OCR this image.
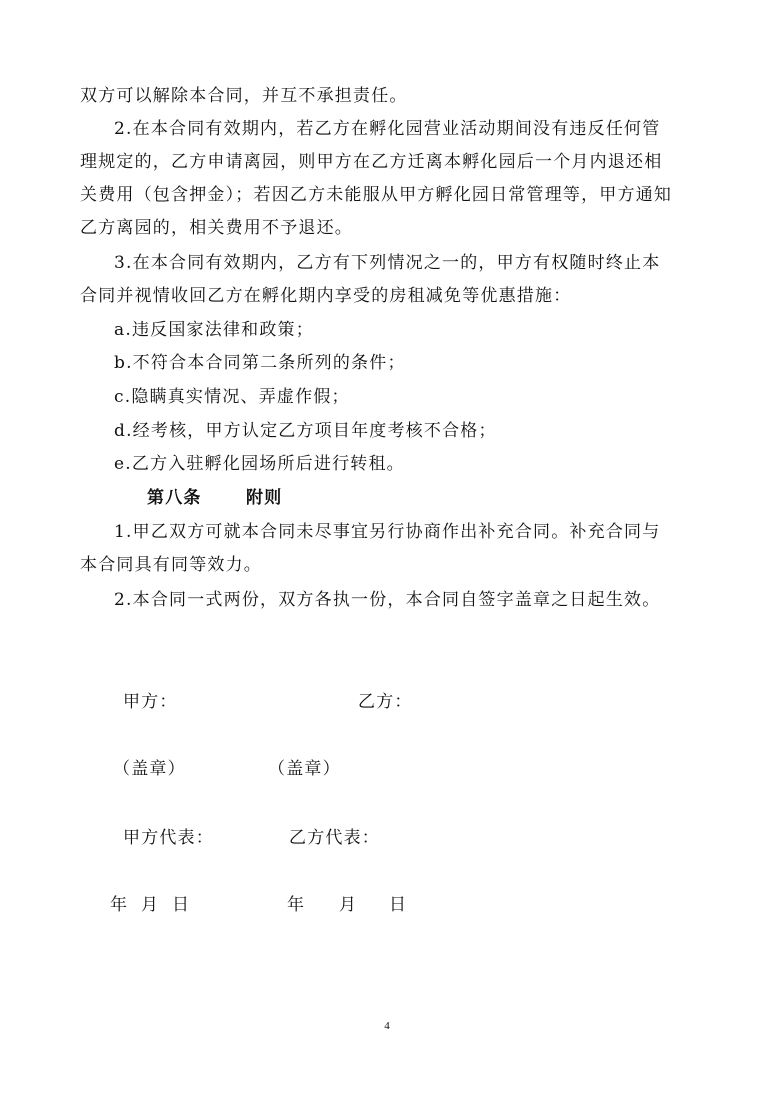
双方可以解除本合同，并互不承担责任。
2.在本合同有效期内，若乙方在孵化园营业活动期间没有违反任何管
理规定的，乙方申请离园，则甲方在乙方迁离本孵化园后一个月内退还相
关费用（包含押金）；若因乙方未能服从甲方孵化园日常管理等，甲方通知
乙方离园的，相关费用不予退还。
3.在本合同有效期内，乙方有下列情况之一的，甲方有权随时终止本
合同并视情收回乙方在孵化期内享受的房租减免等优惠措施：
a.违反国家法律和政策；
b.不符合本合同第二条所列的条件；
c.隐瞒真实情况、弄虚作假；
d.经考核，甲方认定乙方项目年度考核不合格；
e.乙方入驻孵化园场所后进行转租。
第八条	附则
1.甲乙双方可就本合同未尽事宜另行协商作出补充合同。补充合同与
本合同具有同等效力。
2.本合同一式两份，双方各执一份，本合同自签字盖章之日起生效。
甲方：	乙方：
（盖章）	（盖章）
甲方代表：	乙方代表：
年 月 日	年 月 日
4
